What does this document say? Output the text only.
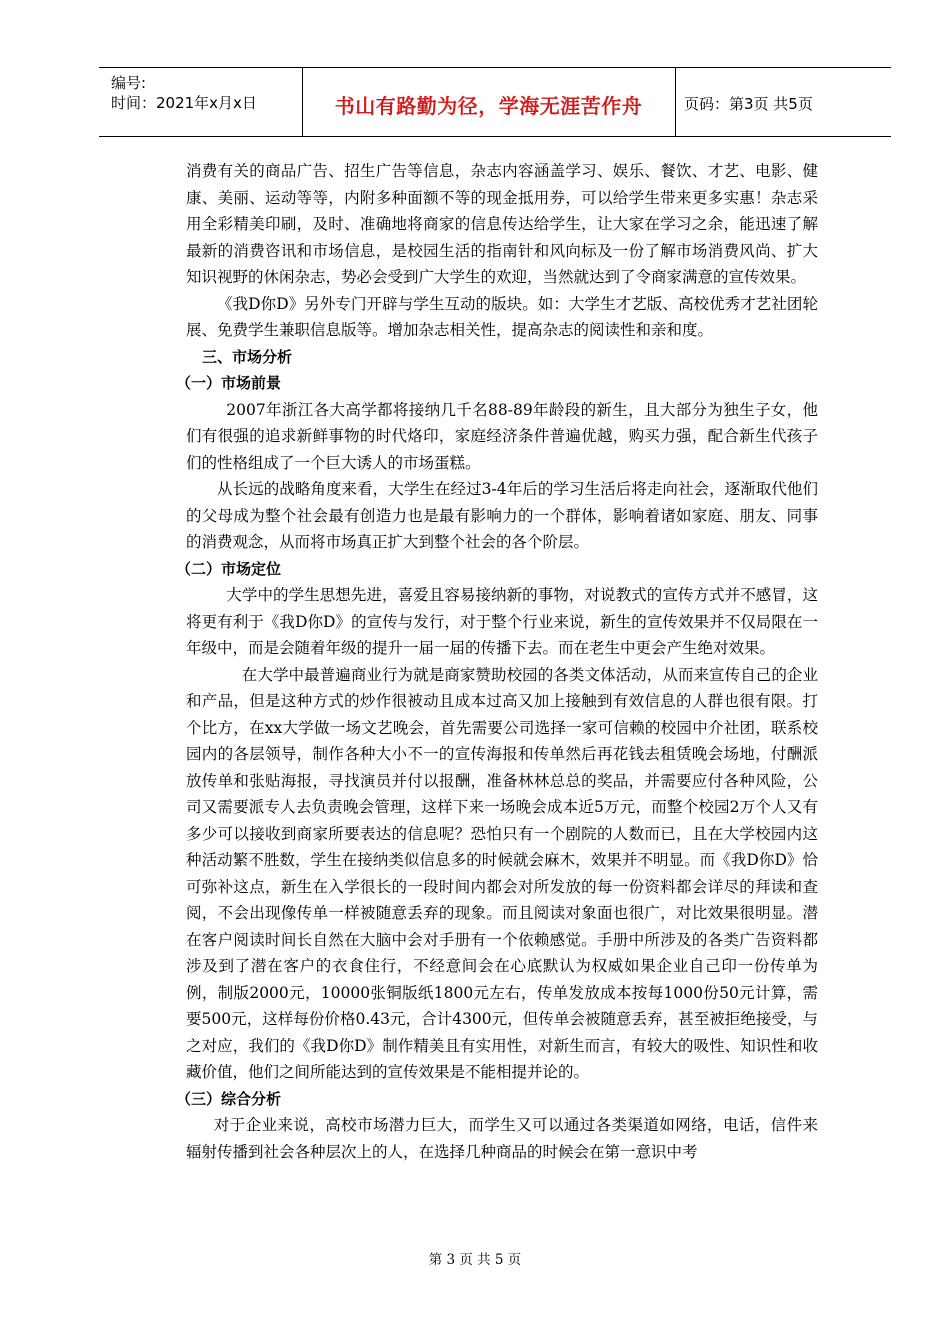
编号:
时间：2021年x月x日	书山有路勤为径，学海无涯苦作舟	页码：第3页 共5页

消费有关的商品广告、招生广告等信息，杂志内容涵盖学习、娱乐、餐饮、才艺、电影、健康、美丽、运动等等，内附多种面额不等的现金抵用券，可以给学生带来更多实惠！杂志采用全彩精美印刷，及时、准确地将商家的信息传达给学生，让大家在学习之余，能迅速了解最新的消费咨讯和市场信息，是校园生活的指南针和风向标及一份了解市场消费风尚、扩大知识视野的休闲杂志，势必会受到广大学生的欢迎，当然就达到了令商家满意的宣传效果。

《我D你D》另外专门开辟与学生互动的版块。如：大学生才艺版、高校优秀才艺社团轮展、免费学生兼职信息版等。增加杂志相关性，提高杂志的阅读性和亲和度。

三、市场分析
（一）市场前景

2007年浙江各大高学都将接纳几千名88-89年龄段的新生，且大部分为独生子女，他们有很强的追求新鲜事物的时代烙印，家庭经济条件普遍优越，购买力强，配合新生代孩子们的性格组成了一个巨大诱人的市场蛋糕。

从长远的战略角度来看，大学生在经过3-4年后的学习生活后将走向社会，逐渐取代他们的父母成为整个社会最有创造力也是最有影响力的一个群体，影响着诸如家庭、朋友、同事的消费观念，从而将市场真正扩大到整个社会的各个阶层。

（二）市场定位

大学中的学生思想先进，喜爱且容易接纳新的事物，对说教式的宣传方式并不感冒，这将更有利于《我D你D》的宣传与发行，对于整个行业来说，新生的宣传效果并不仅局限在一年级中，而是会随着年级的提升一届一届的传播下去。而在老生中更会产生绝对效果。

在大学中最普遍商业行为就是商家赞助校园的各类文体活动，从而来宣传自己的企业和产品，但是这种方式的炒作很被动且成本过高又加上接触到有效信息的人群也很有限。打个比方，在xx大学做一场文艺晚会，首先需要公司选择一家可信赖的校园中介社团，联系校园内的各层领导，制作各种大小不一的宣传海报和传单然后再花钱去租赁晚会场地，付酬派放传单和张贴海报，寻找演员并付以报酬，准备林林总总的奖品，并需要应付各种风险，公司又需要派专人去负责晚会管理，这样下来一场晚会成本近5万元，而整个校园2万个人又有多少可以接收到商家所要表达的信息呢？恐怕只有一个剧院的人数而已，且在大学校园内这种活动繁不胜数，学生在接纳类似信息多的时候就会麻木，效果并不明显。而《我D你D》恰可弥补这点，新生在入学很长的一段时间内都会对所发放的每一份资料都会详尽的拜读和查阅，不会出现像传单一样被随意丢弃的现象。而且阅读对象面也很广，对比效果很明显。潜在客户阅读时间长自然在大脑中会对手册有一个依赖感觉。手册中所涉及的各类广告资料都涉及到了潜在客户的衣食住行，不经意间会在心底默认为权威如果企业自己印一份传单为例，制版2000元，10000张铜版纸1800元左右，传单发放成本按每1000份50元计算，需要500元，这样每份价格0.43元，合计4300元，但传单会被随意丢弃，甚至被拒绝接受，与之对应，我们的《我D你D》制作精美且有实用性，对新生而言，有较大的吸性、知识性和收藏价值，他们之间所能达到的宣传效果是不能相提并论的。

（三）综合分析

对于企业来说，高校市场潜力巨大，而学生又可以通过各类渠道如网络，电话，信件来辐射传播到社会各种层次上的人，在选择几种商品的时候会在第一意识中考

第 3 页 共 5 页
